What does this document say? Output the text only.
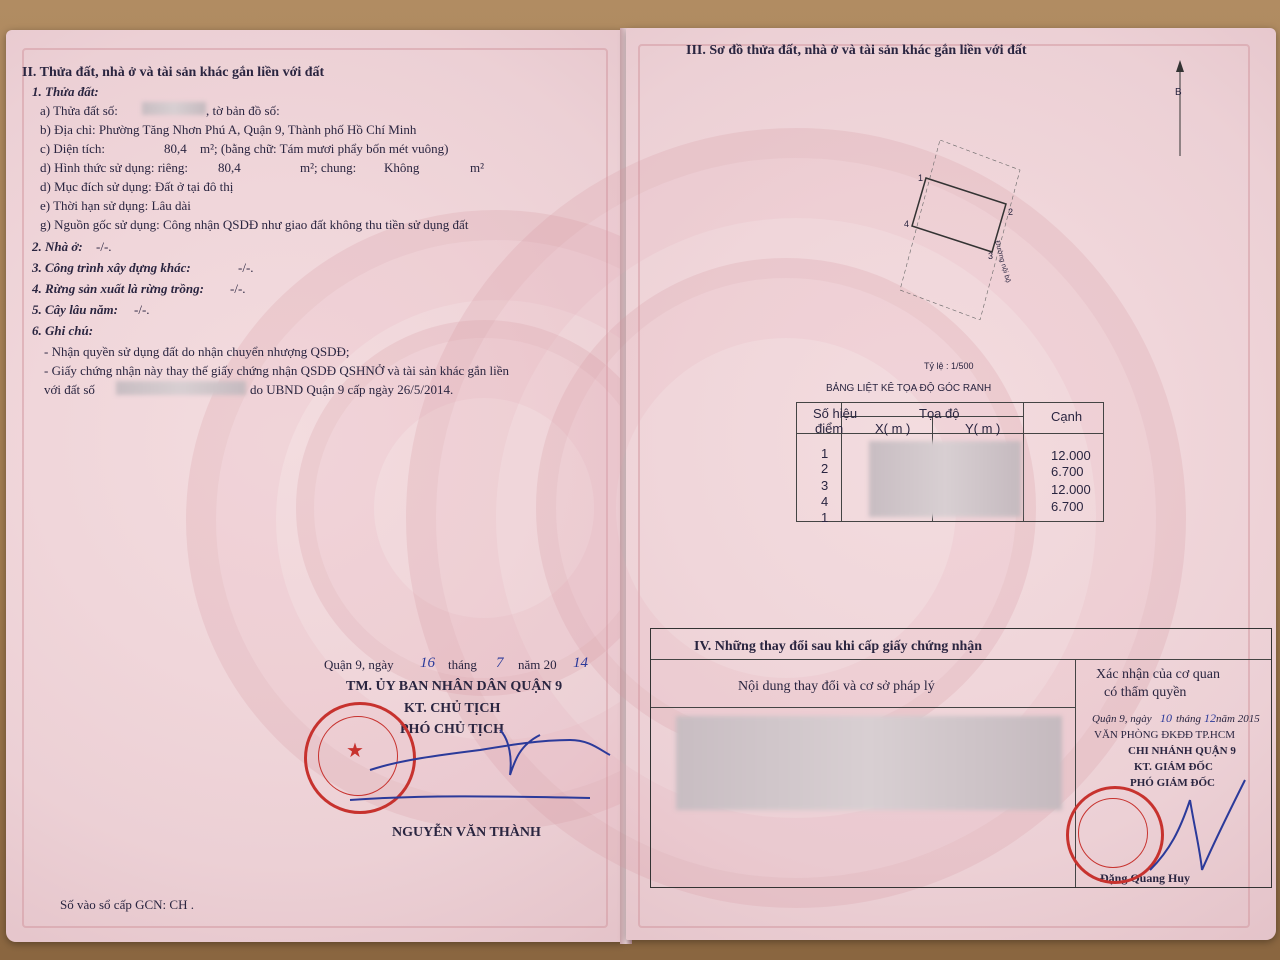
II. Thửa đất, nhà ở và tài sản khác gắn liền với đất
1. Thửa đất:
a) Thửa đất số:	, tờ bản đồ số:
b) Địa chỉ: Phường Tăng Nhơn Phú A, Quận 9, Thành phố Hồ Chí Minh
c) Diện tích:	80,4 m²; (bằng chữ: Tám mươi phẩy bốn mét vuông)
d) Hình thức sử dụng: riêng: 80,4	m²; chung: Không	m²
d) Mục đích sử dụng: Đất ở tại đô thị
e) Thời hạn sử dụng: Lâu dài
g) Nguồn gốc sử dụng: Công nhận QSDĐ như giao đất không thu tiền sử dụng đất
2. Nhà ở: -/-.
3. Công trình xây dựng khác:	-/-.
4. Rừng sản xuất là rừng trồng: -/-.
5. Cây lâu năm: -/-.
6. Ghi chú:
- Nhận quyền sử dụng đất do nhận chuyển nhượng QSDĐ;
- Giấy chứng nhận này thay thế giấy chứng nhận QSDĐ QSHNỞ và tài sản khác gắn liền
với đất số	do UBND Quận 9 cấp ngày 26/5/2014.
Quận 9, ngày 16 tháng 7 năm 20 14
TM. ỦY BAN NHÂN DÂN QUẬN 9
KT. CHỦ TỊCH
PHÓ CHỦ TỊCH
NGUYỄN VĂN THÀNH
Số vào sổ cấp GCN: CH .
★
III. Sơ đồ thửa đất, nhà ở và tài sản khác gắn liền với đất
B
1
2
3
4
Đường nội bộ
Tỷ lệ : 1/500
BẢNG LIỆT KÊ TỌA ĐỘ GÓC RANH
Số hiệu
điểm
Tọa độ
X( m )	Y( m )
Cạnh
1	12.000
2	6.700
3	12.000
4	6.700
1
IV. Những thay đổi sau khi cấp giấy chứng nhận
Nội dung thay đổi và cơ sở pháp lý
Xác nhận của cơ quan
có thẩm quyền
Quận 9, ngày 10 tháng 12 năm 2015
VĂN PHÒNG ĐKĐĐ TP.HCM
CHI NHÁNH QUẬN 9
KT. GIÁM ĐỐC
PHÓ GIÁM ĐỐC
Đặng Quang Huy
